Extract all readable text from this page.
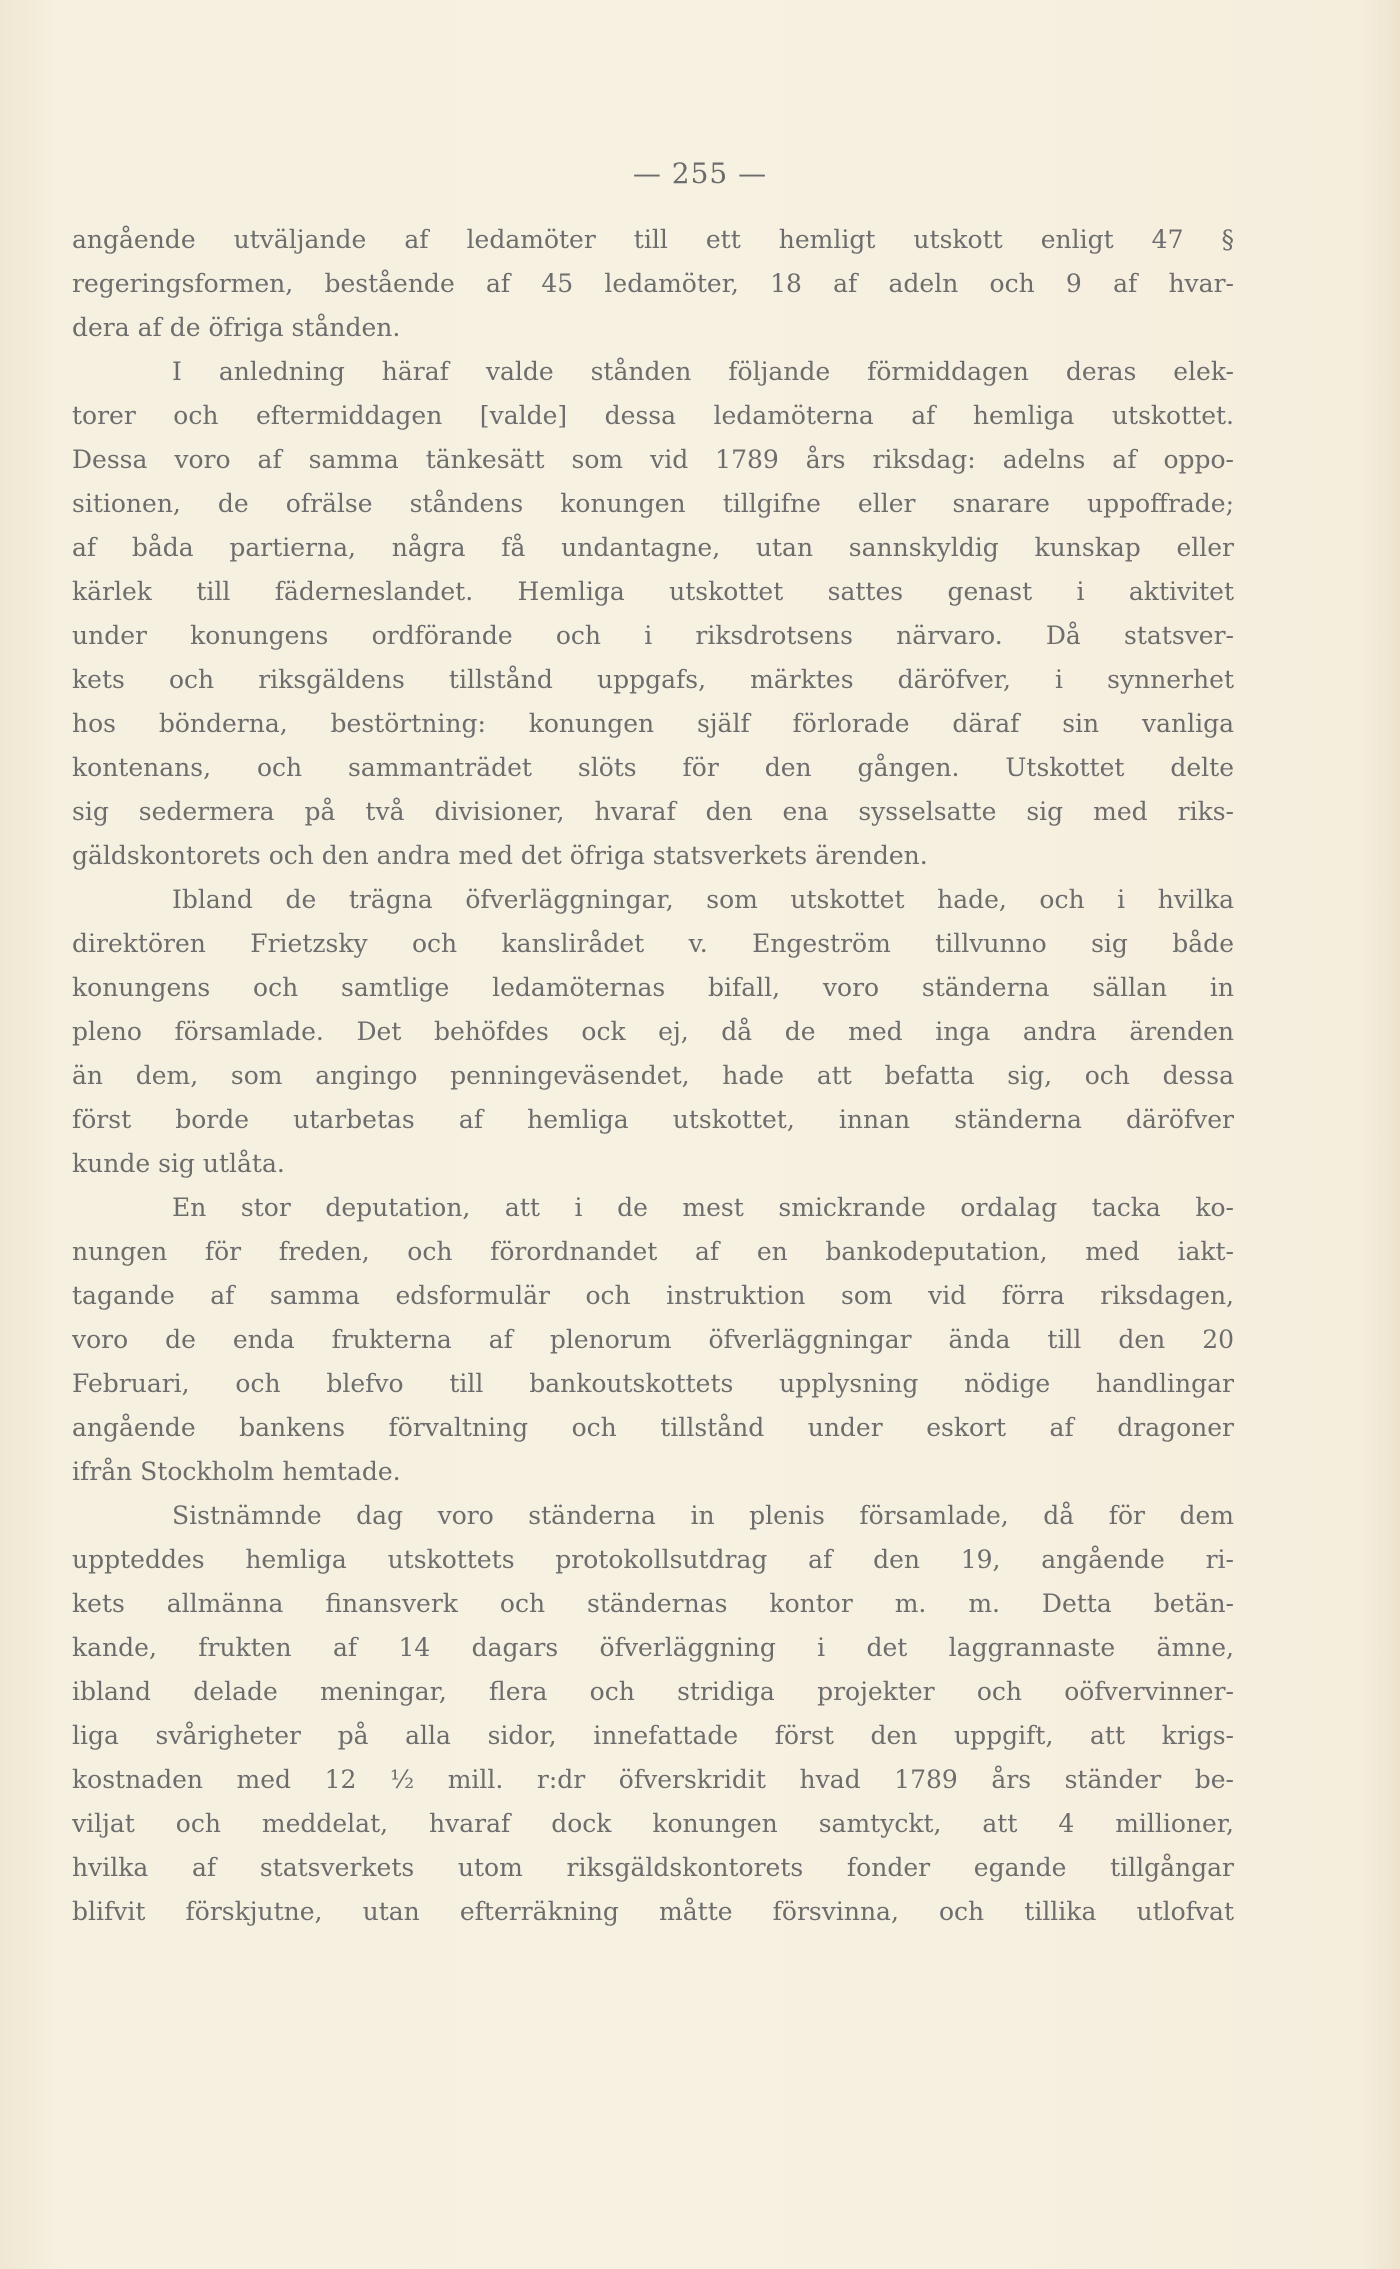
— 255 —
angående utväljande af ledamöter till ett hemligt utskott enligt 47 §
regeringsformen, bestående af 45 ledamöter, 18 af adeln och 9 af hvar-
dera af de öfriga stånden.
I anledning häraf valde stånden följande förmiddagen deras elek-
torer och eftermiddagen [valde] dessa ledamöterna af hemliga utskottet.
Dessa voro af samma tänkesätt som vid 1789 års riksdag: adelns af oppo-
sitionen, de ofrälse ståndens konungen tillgifne eller snarare uppoffrade;
af båda partierna, några få undantagne, utan sannskyldig kunskap eller
kärlek till fäderneslandet. Hemliga utskottet sattes genast i aktivitet
under konungens ordförande och i riksdrotsens närvaro. Då statsver-
kets och riksgäldens tillstånd uppgafs, märktes däröfver, i synnerhet
hos bönderna, bestörtning: konungen själf förlorade däraf sin vanliga
kontenans, och sammanträdet slöts för den gången. Utskottet delte
sig sedermera på två divisioner, hvaraf den ena sysselsatte sig med riks-
gäldskontorets och den andra med det öfriga statsverkets ärenden.
Ibland de trägna öfverläggningar, som utskottet hade, och i hvilka
direktören Frietzsky och kanslirådet v. Engeström tillvunno sig både
konungens och samtlige ledamöternas bifall, voro ständerna sällan in
pleno församlade. Det behöfdes ock ej, då de med inga andra ärenden
än dem, som angingo penningeväsendet, hade att befatta sig, och dessa
först borde utarbetas af hemliga utskottet, innan ständerna däröfver
kunde sig utlåta.
En stor deputation, att i de mest smickrande ordalag tacka ko-
nungen för freden, och förordnandet af en bankodeputation, med iakt-
tagande af samma edsformulär och instruktion som vid förra riksdagen,
voro de enda frukterna af plenorum öfverläggningar ända till den 20
Februari, och blefvo till bankoutskottets upplysning nödige handlingar
angående bankens förvaltning och tillstånd under eskort af dragoner
ifrån Stockholm hemtade.
Sistnämnde dag voro ständerna in plenis församlade, då för dem
uppteddes hemliga utskottets protokollsutdrag af den 19, angående ri-
kets allmänna finansverk och ständernas kontor m. m. Detta betän-
kande, frukten af 14 dagars öfverläggning i det laggrannaste ämne,
ibland delade meningar, flera och stridiga projekter och oöfvervinner-
liga svårigheter på alla sidor, innefattade först den uppgift, att krigs-
kostnaden med 12 ½ mill. r:dr öfverskridit hvad 1789 års ständer be-
viljat och meddelat, hvaraf dock konungen samtyckt, att 4 millioner,
hvilka af statsverkets utom riksgäldskontorets fonder egande tillgångar
blifvit förskjutne, utan efterräkning måtte försvinna, och tillika utlofvat
